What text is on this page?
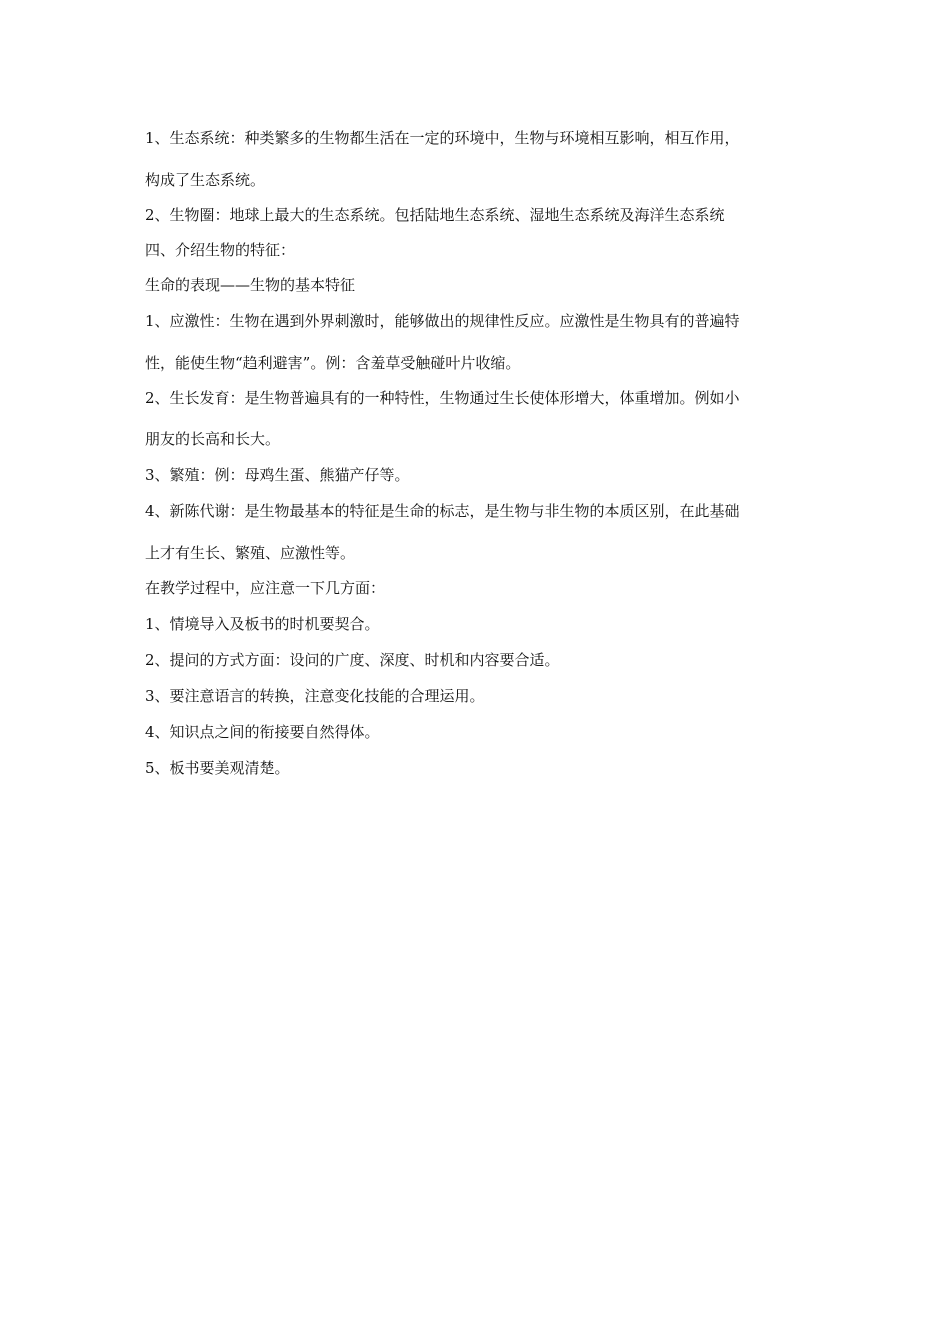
1、生态系统：种类繁多的生物都生活在一定的环境中，生物与环境相互影响，相互作用，
构成了生态系统。
2、生物圈：地球上最大的生态系统。包括陆地生态系统、湿地生态系统及海洋生态系统
四、介绍生物的特征：
生命的表现——生物的基本特征
1、应激性：生物在遇到外界刺激时，能够做出的规律性反应。应激性是生物具有的普遍特
性，能使生物“趋利避害”。例：含羞草受触碰叶片收缩。
2、生长发育：是生物普遍具有的一种特性，生物通过生长使体形增大，体重增加。例如小
朋友的长高和长大。
3、繁殖：例：母鸡生蛋、熊猫产仔等。
4、新陈代谢：是生物最基本的特征是生命的标志，是生物与非生物的本质区别，在此基础
上才有生长、繁殖、应激性等。
在教学过程中，应注意一下几方面：
1、情境导入及板书的时机要契合。
2、提问的方式方面：设问的广度、深度、时机和内容要合适。
3、要注意语言的转换，注意变化技能的合理运用。
4、知识点之间的衔接要自然得体。
5、板书要美观清楚。
